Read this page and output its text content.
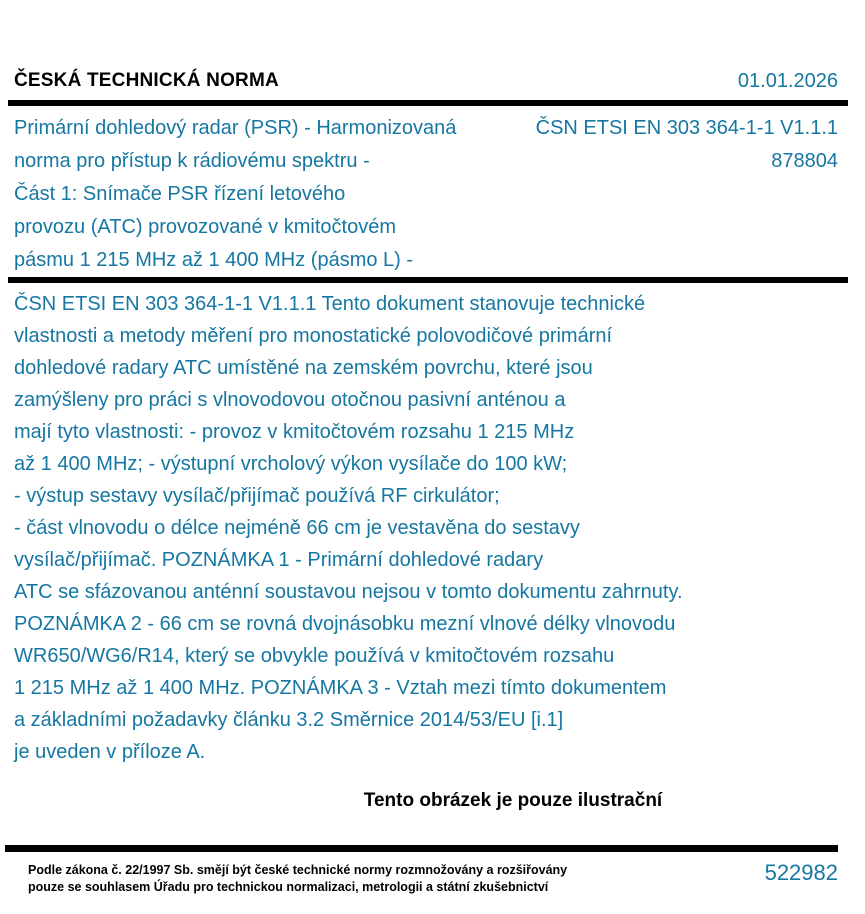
ČESKÁ TECHNICKÁ NORMA	01.01.2026
Primární dohledový radar (PSR) - Harmonizovaná
norma pro přístup k rádiovému spektru -
Část 1: Snímače PSR řízení letového
provozu (ATC) provozované v kmitočtovém
pásmu 1 215 MHz až 1 400 MHz (pásmo L) -
ČSN ETSI EN 303 364-1-1 V1.1.1
878804
ČSN ETSI EN 303 364-1-1 V1.1.1 Tento dokument stanovuje technické
vlastnosti a metody měření pro monostatické polovodičové primární
dohledové radary ATC umístěné na zemském povrchu, které jsou
zamýšleny pro práci s vlnovodovou otočnou pasivní anténou a
mají tyto vlastnosti: - provoz v kmitočtovém rozsahu 1 215 MHz
až 1 400 MHz; - výstupní vrcholový výkon vysílače do 100 kW;
- výstup sestavy vysílač/přijímač používá RF cirkulátor;
- část vlnovodu o délce nejméně 66 cm je vestavěna do sestavy
vysílač/přijímač. POZNÁMKA 1 - Primární dohledové radary
ATC se sfázovanou anténní soustavou nejsou v tomto dokumentu zahrnuty.
POZNÁMKA 2 - 66 cm se rovná dvojnásobku mezní vlnové délky vlnovodu
WR650/WG6/R14, který se obvykle používá v kmitočtovém rozsahu
1 215 MHz až 1 400 MHz. POZNÁMKA 3 - Vztah mezi tímto dokumentem
a základními požadavky článku 3.2 Směrnice 2014/53/EU [i.1]
je uveden v příloze A.
Tento obrázek je pouze ilustrační
Podle zákona č. 22/1997 Sb. smějí být české technické normy rozmnožovány a rozšiřovány
pouze se souhlasem Úřadu pro technickou normalizaci, metrologii a státní zkušebnictví
522982
